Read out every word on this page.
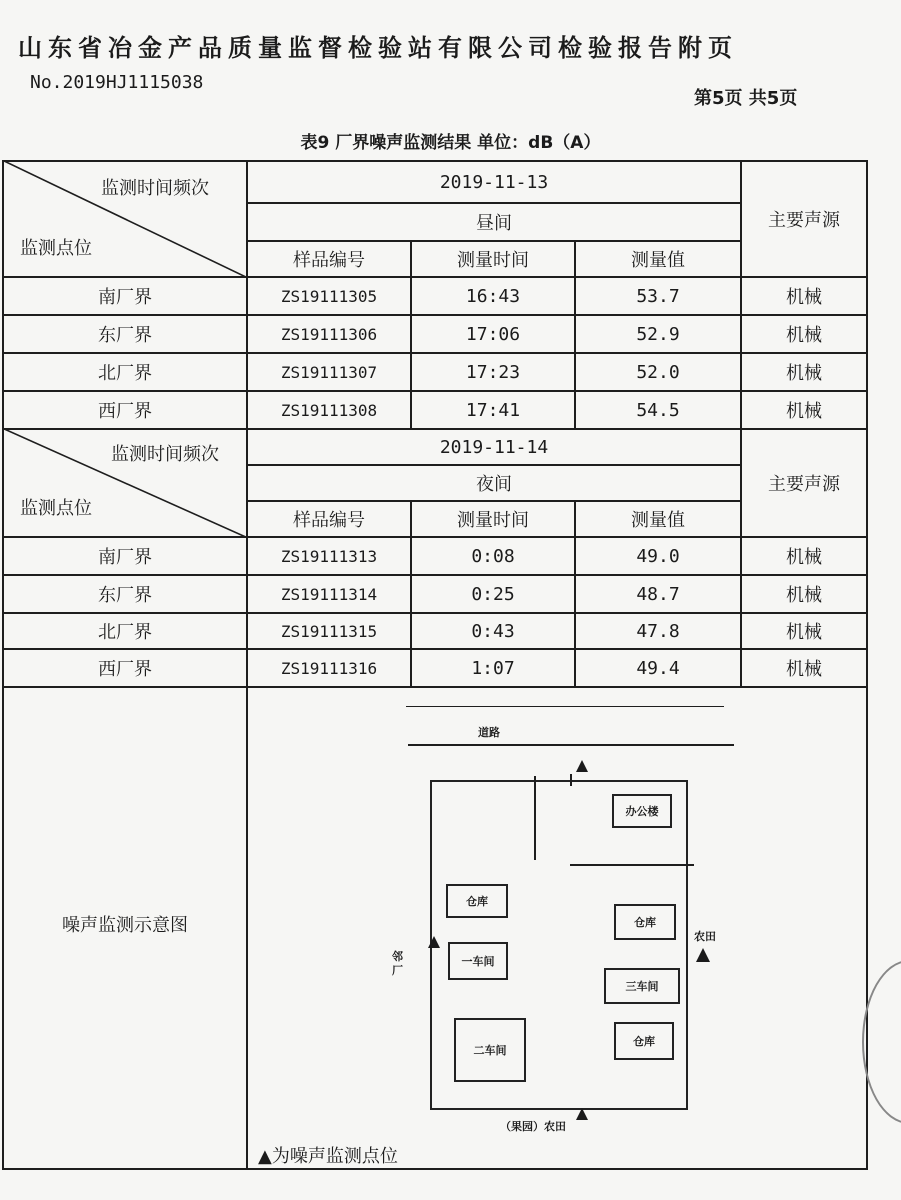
山东省冶金产品质量监督检验站有限公司检验报告附页
No.2019HJ1115038
第5页 共5页
表9 厂界噪声监测结果 单位：dB（A）
监测时间频次
监测点位
2019-11-13
昼间
样品编号	测量时间	测量值
主要声源
南厂界	ZS19111305	16:43	53.7	机械
东厂界	ZS19111306	17:06	52.9	机械
北厂界	ZS19111307	17:23	52.0	机械
西厂界	ZS19111308	17:41	54.5	机械
监测时间频次
监测点位
2019-11-14
夜间
样品编号	测量时间	测量值
主要声源
南厂界	ZS19111313	0:08	49.0	机械
东厂界	ZS19111314	0:25	48.7	机械
北厂界	ZS19111315	0:43	47.8	机械
西厂界	ZS19111316	1:07	49.4	机械
噪声监测示意图
道路
办公楼
仓库
仓库
一车间
三车间
二车间
仓库
邻厂
农田
（果园）农田
▲为噪声监测点位
